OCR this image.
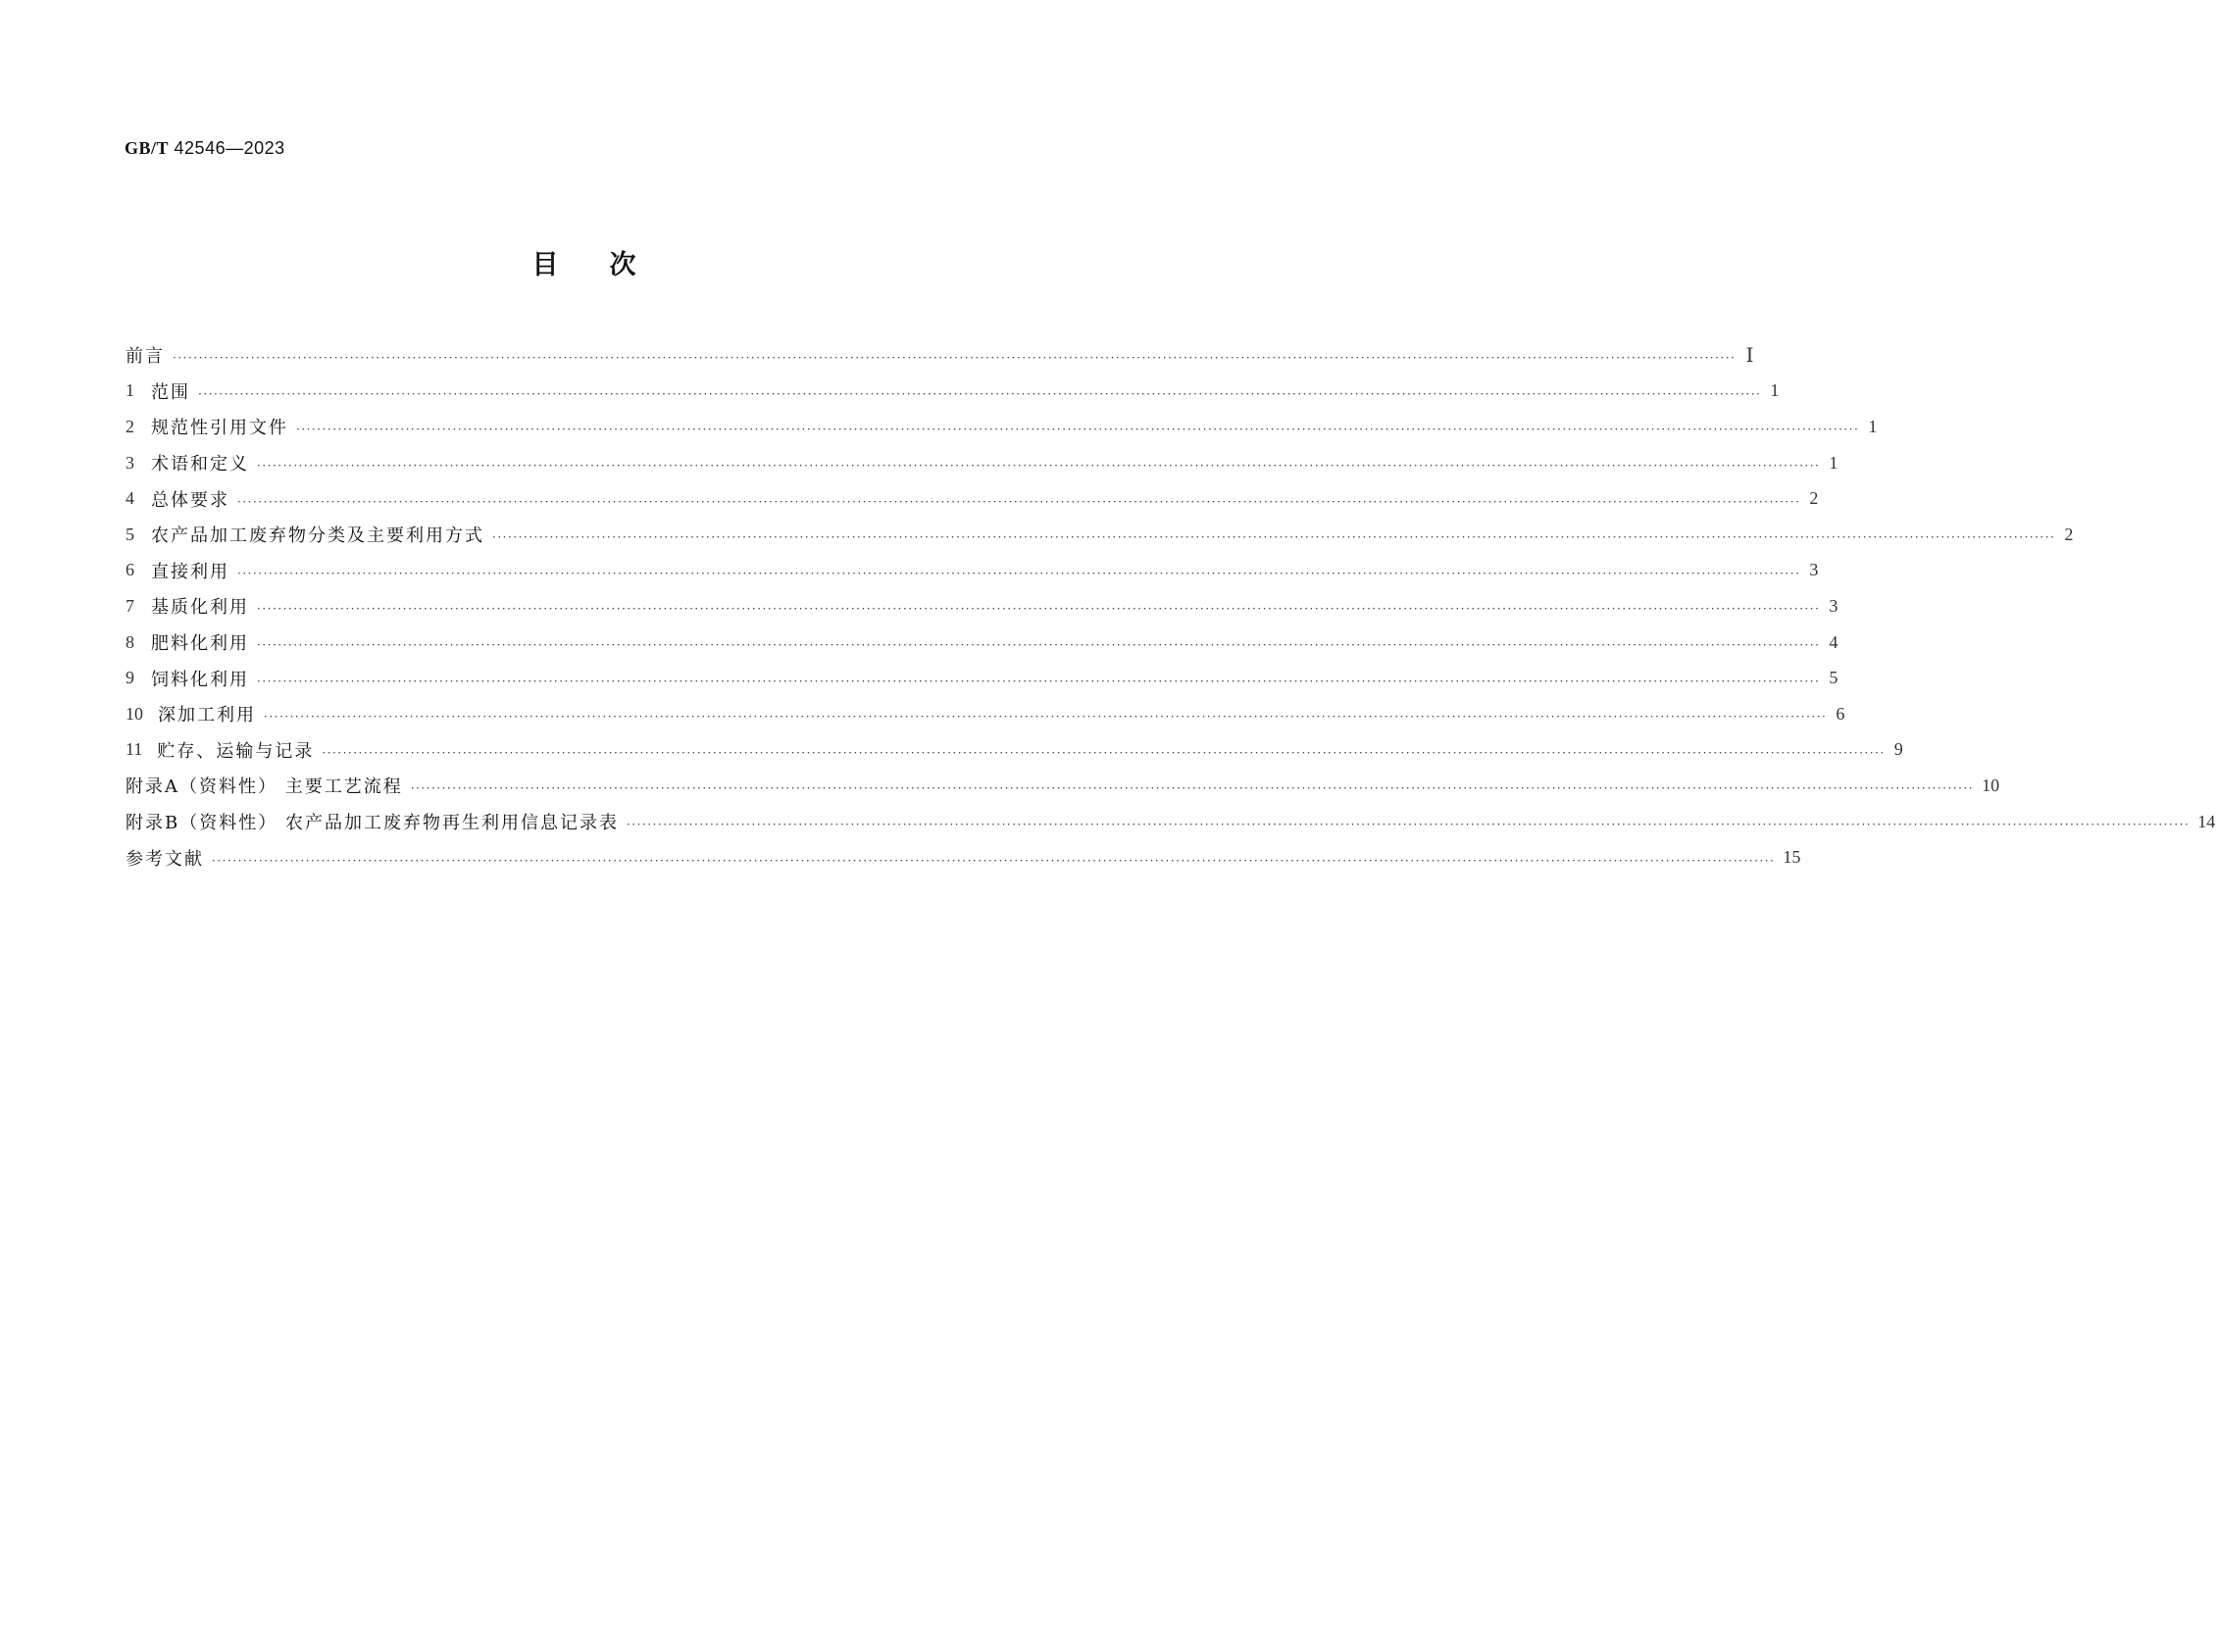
GB/T 42546—2023
目次
前言 ············································································································································································································································································································ Ⅰ
1 范围 ············································································································································································································································································································ 1
2 规范性引用文件 ············································································································································································································································································································ 1
3 术语和定义 ············································································································································································································································································································ 1
4 总体要求 ············································································································································································································································································································ 2
5 农产品加工废弃物分类及主要利用方式 ············································································································································································································································································································ 2
6 直接利用 ············································································································································································································································································································ 3
7 基质化利用 ············································································································································································································································································································ 3
8 肥料化利用 ············································································································································································································································································································ 4
9 饲料化利用 ············································································································································································································································································································ 5
10 深加工利用 ············································································································································································································································································································ 6
11 贮存、运输与记录 ············································································································································································································································································································ 9
附录A（资料性） 主要工艺流程 ············································································································································································································································································································ 10
附录B（资料性） 农产品加工废弃物再生利用信息记录表 ············································································································································································································································································································ 14
参考文献 ············································································································································································································································································································ 15
